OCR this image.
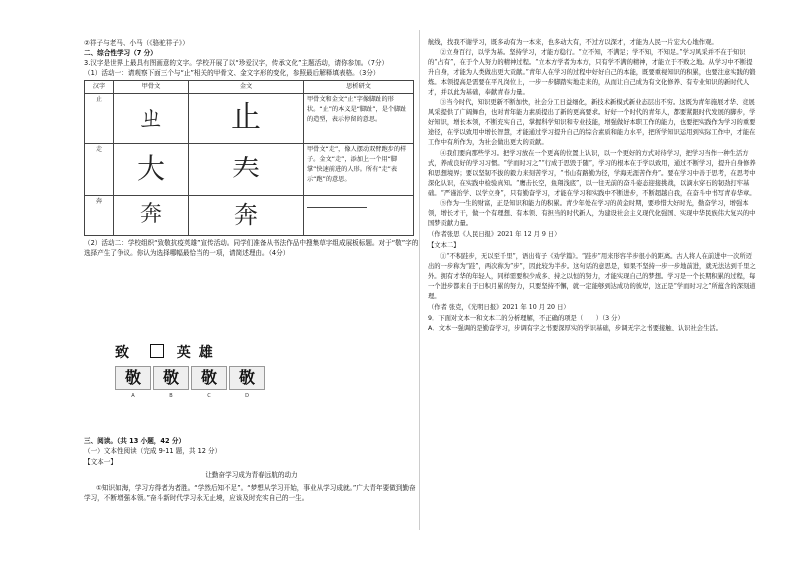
②祥子与老马、小马（《骆驼祥子》）

二、综合性学习（7 分）

3.汉字是世界上最具有图画意的文字。学校开展了以“珍爱汉字，传承文化”主题活动，请你参加。（7分）

（1）活动一：请观察下面三个与“止”相关的甲骨文、金文字形的变化，参照最后解释填表格。（3分）

汉字	甲骨文	金文	思析研文
止	ㄓ	止	甲骨文和金文“止”字像脚趾的形状。“止”的本义是“脚趾”，是个脚趾的造型，表示停留的意思。
走	大	𡗗	甲骨文“走”，像人摆动双臂跑步的样子。金文“走”，添加上一个用“脚掌”快速前进的人形。所有“走”表示“跑”的意思。
奔	奔	奔	

（2）活动二：学校组织“致敬抗疫英雄”宣传活动。同学们准备从书法作品中搜集草字组成展板标题。对于“敬”字的选择产生了争议。你认为选择哪幅最恰当的一项，请简述理由。（4分）

致	英雄
敬	敬	敬	敬
A	B	C	D

三、阅读。（共 13 小题，42 分）

（一）文本性阅读（完成 9-11 题，共 12 分）

【文本一】

让勤奋学习成为青春远航的动力

①知识如海，学习方得者为者胜。“学然后知不足”。“梦想从学习开始，事业从学习成就。”广大青年要做到勤奋学习，不断增强本领。”奋斗新时代学习永无止境，应该及时充实自己的一生。

航线，找我不谢学习，既多动有为一本来，也多动大有，不过方以深才，才能为人民一片宏大心地作观。

②立身百行，以学为基。坚持学习，才能方稳行。“立不知，不满足；学不知，不知足。”学习风采并不在于知识的“占有”，在于个人努力的精神过程。“立本方学者为本方，只有学不满的精神，才能立于不败之地。从学习中不断提升自身，才能为人类做出更大贡献。”青年人在学习的过程中好好自己的本能，既要重视知识的积累，也要注意实践的锻炼。本领提高是需要在平凡岗位上，一步一步脚踏实地走来的，从而让自己成为有文化修养、有专业知识的新时代人才，并以此为基础，奉献青春力量。

③当今时代，知识更新不断加快，社会分工日益细化，新技术新模式新业态层出不穷。这既为青年施展才华、竞展风采提供了广阔舞台，也对青年能力素质提出了新的更高要求。好好一个时代的青年人，都要紧跟时代发展的脚步，学好知识，增长本领，不断充实自己，掌握科学知识和专业技能，增强做好本职工作的能力，也要把实践作为学习的重要途径，在学以致用中增长智慧，才能通过学习提升自己的综合素质和能力水平，把所学知识运用到实际工作中，才能在工作中有所作为，为社会做出更大的贡献。

④我们要向那些学习。把学习放在一个更高的位置上认识，以一个更好的方式对待学习，把学习当作一种生活方式，养成良好的学习习惯。“学而时习之”“行成于思毁于随”，学习的根本在于学以致用，通过不断学习，提升自身修养和思想境界；要以坚韧不拔的毅力来刻苦学习，“书山有路勤为径，学海无涯苦作舟”。要在学习中善于思考，在思考中深化认识，在实践中检验真知。“鹰击长空，鱼翔浅底”，以一往无前的奋斗姿态迎接挑战，以滴水穿石的韧劲打牢基础。“严谨治学、以学立身”，只有勤奋学习，才能在学习和实践中不断进步，不断超越自我，在奋斗中书写青春华章。

⑤作为一生的财富，正是知识和能力的积累。青少年处在学习的黄金时期，要珍惜大好时光，勤奋学习，增强本领，增长才干，做一个有理想、有本领、有担当的时代新人，为建设社会主义现代化强国、实现中华民族伟大复兴的中国梦贡献力量。

（作者张思《人民日报》2021 年 12 月 9 日）

【文本二】

①“不积跬步，无以至千里”，语出荀子《劝学篇》。“跬步”用来形容半步很小的距离。古人将人在前进中一次所迈出的一步称为“跬”，两次称为“步”，因此较为半步。这句话的意思是，如果不坚持一步一步地前进，就无法达到千里之外。拥有才华的年轻人，同样需要积少成多、持之以恒的努力，才能实现自己的梦想。学习是一个长期积累的过程，每一个进步都来自于日积月累的努力，只要坚持不懈，就一定能够到达成功的彼岸，这正是“学而时习之”所蕴含的深刻道理。

（作者 张克，《光明日报》2021 年 10 月 20 日）

9．下面对文本一和文本二的分析理解，不正确的项是（　　）（3 分）

A．文本一强调的是勤奋学习，步调有字之书要深厚实的学识基础，步调无字之书要接触、认识社会生活。
